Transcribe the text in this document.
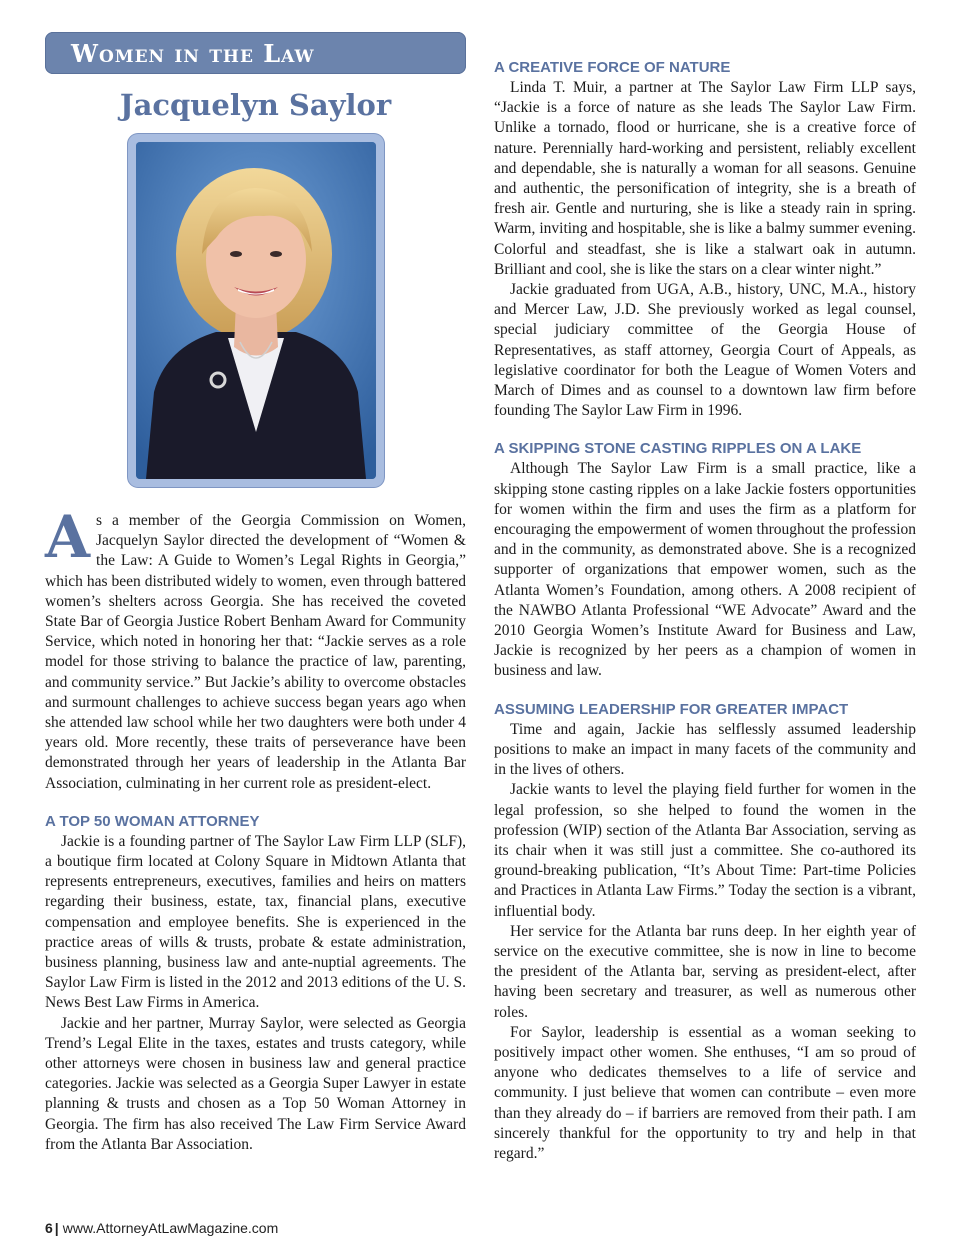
Women in the Law
Jacquelyn Saylor

As a member of the Georgia Commission on Women, Jacquelyn Saylor directed the development of “Women & the Law: A Guide to Women’s Legal Rights in Georgia,” which has been distributed widely to women, even through battered women’s shelters across Georgia. She has received the coveted State Bar of Georgia Justice Robert Benham Award for Community Service, which noted in honoring her that: “Jackie serves as a role model for those striving to balance the practice of law, parenting, and community service.” But Jackie’s ability to overcome obstacles and surmount challenges to achieve success began years ago when she attended law school while her two daughters were both under 4 years old. More recently, these traits of perseverance have been demonstrated through her years of leadership in the Atlanta Bar Association, culminating in her current role as president-elect.

A TOP 50 WOMAN ATTORNEY

Jackie is a founding partner of The Saylor Law Firm LLP (SLF), a boutique firm located at Colony Square in Midtown Atlanta that represents entrepreneurs, executives, families and heirs on matters regarding their business, estate, tax, financial plans, executive compensation and employee benefits. She is experienced in the practice areas of wills & trusts, probate & estate administration, business planning, business law and ante-nuptial agreements. The Saylor Law Firm is listed in the 2012 and 2013 editions of the U. S. News Best Law Firms in America.

Jackie and her partner, Murray Saylor, were selected as Georgia Trend’s Legal Elite in the taxes, estates and trusts category, while other attorneys were chosen in business law and general practice categories. Jackie was selected as a Georgia Super Lawyer in estate planning & trusts and chosen as a Top 50 Woman Attorney in Georgia. The firm has also received The Law Firm Service Award from the Atlanta Bar Association.

A CREATIVE FORCE OF NATURE

Linda T. Muir, a partner at The Saylor Law Firm LLP says, “Jackie is a force of nature as she leads The Saylor Law Firm. Unlike a tornado, flood or hurricane, she is a creative force of nature. Perennially hard-working and persistent, reliably excellent and dependable, she is naturally a woman for all seasons. Genuine and authentic, the personification of integrity, she is a breath of fresh air. Gentle and nurturing, she is like a steady rain in spring. Warm, inviting and hospitable, she is like a balmy summer evening. Colorful and steadfast, she is like a stalwart oak in autumn. Brilliant and cool, she is like the stars on a clear winter night.”

Jackie graduated from UGA, A.B., history, UNC, M.A., history and Mercer Law, J.D. She previously worked as legal counsel, special judiciary committee of the Georgia House of Representatives, as staff attorney, Georgia Court of Appeals, as legislative coordinator for both the League of Women Voters and March of Dimes and as counsel to a downtown law firm before founding The Saylor Law Firm in 1996.

A SKIPPING STONE CASTING RIPPLES ON A LAKE

Although The Saylor Law Firm is a small practice, like a skipping stone casting ripples on a lake Jackie fosters opportunities for women within the firm and uses the firm as a platform for encouraging the empowerment of women throughout the profession and in the community, as demonstrated above. She is a recognized supporter of organizations that empower women, such as the Atlanta Women’s Foundation, among others. A 2008 recipient of the NAWBO Atlanta Professional “WE Advocate” Award and the 2010 Georgia Women’s Institute Award for Business and Law, Jackie is recognized by her peers as a champion of women in business and law.

ASSUMING LEADERSHIP FOR GREATER IMPACT

Time and again, Jackie has selflessly assumed leadership positions to make an impact in many facets of the community and in the lives of others.

Jackie wants to level the playing field further for women in the legal profession, so she helped to found the women in the profession (WIP) section of the Atlanta Bar Association, serving as its chair when it was still just a committee. She co-authored its ground-breaking publication, “It’s About Time: Part-time Policies and Practices in Atlanta Law Firms.” Today the section is a vibrant, influential body.

Her service for the Atlanta bar runs deep. In her eighth year of service on the executive committee, she is now in line to become the president of the Atlanta bar, serving as president-elect, after having been secretary and treasurer, as well as numerous other roles.

For Saylor, leadership is essential as a woman seeking to positively impact other women. She enthuses, “I am so proud of anyone who dedicates themselves to a life of service and community. I just believe that women can contribute – even more than they already do – if barriers are removed from their path. I am sincerely thankful for the opportunity to try and help in that regard.”

6 | www.AttorneyAtLawMagazine.com
